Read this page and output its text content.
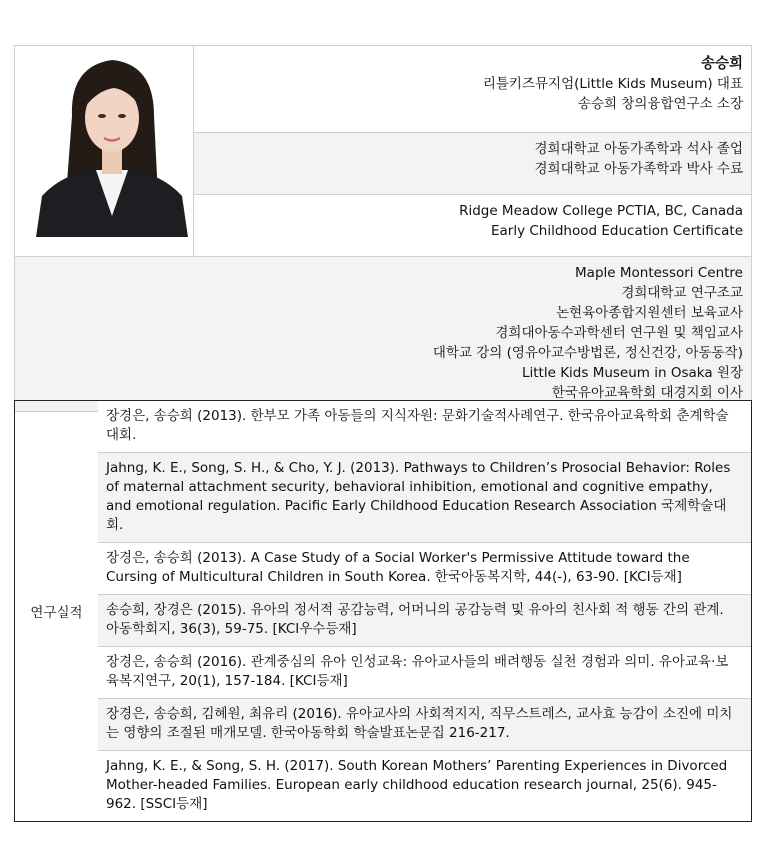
송승희
리틀키즈뮤지엄(Little Kids Museum) 대표
송승희 창의융합연구소 소장

경희대학교 아동가족학과 석사 졸업
경희대학교 아동가족학과 박사 수료

Ridge Meadow College PCTIA, BC, Canada
Early Childhood Education Certificate

Maple Montessori Centre
경희대학교 연구조교
논현육아종합지원센터 보육교사
경희대아동수과학센터 연구원 및 책임교사
대학교 강의 (영유아교수방법론, 정신건강, 아동동작)
Little Kids Museum in Osaka 원장
한국유아교육학회 대경지회 이사
연구실적	장경은, 송승희 (2013). 한부모 가족 아동들의 지식자원: 문화기술적사례연구. 한국유아교육학회 춘계학술대회.
Jahng, K. E., Song, S. H., & Cho, Y. J. (2013). Pathways to Children’s Prosocial Behavior: Roles of maternal attachment security, behavioral inhibition, emotional and cognitive empathy, and emotional regulation. Pacific Early Childhood Education Research Association 국제학술대회.
장경은, 송승희 (2013). A Case Study of a Social Worker's Permissive Attitude toward the Cursing of Multicultural Children in South Korea. 한국아동복지학, 44(-), 63-90. [KCI등재]
송승희, 장경은 (2015). 유아의 정서적 공감능력, 어머니의 공감능력 및 유아의 친사회 적 행동 간의 관계. 아동학회지, 36(3), 59-75. [KCI우수등재]
장경은, 송승희 (2016). 관계중심의 유아 인성교육: 유아교사들의 배려행동 실천 경험과 의미. 유아교육·보육복지연구, 20(1), 157-184. [KCI등재]
장경은, 송승희, 김혜원, 최유리 (2016). 유아교사의 사회적지지, 직무스트레스, 교사효 능감이 소진에 미치는 영향의 조절된 매개모델. 한국아동학회 학술발표논문집 216-217.
Jahng, K. E., & Song, S. H. (2017). South Korean Mothers’ Parenting Experiences in Divorced Mother-headed Families. European early childhood education research journal, 25(6). 945-962. [SSCI등재]
